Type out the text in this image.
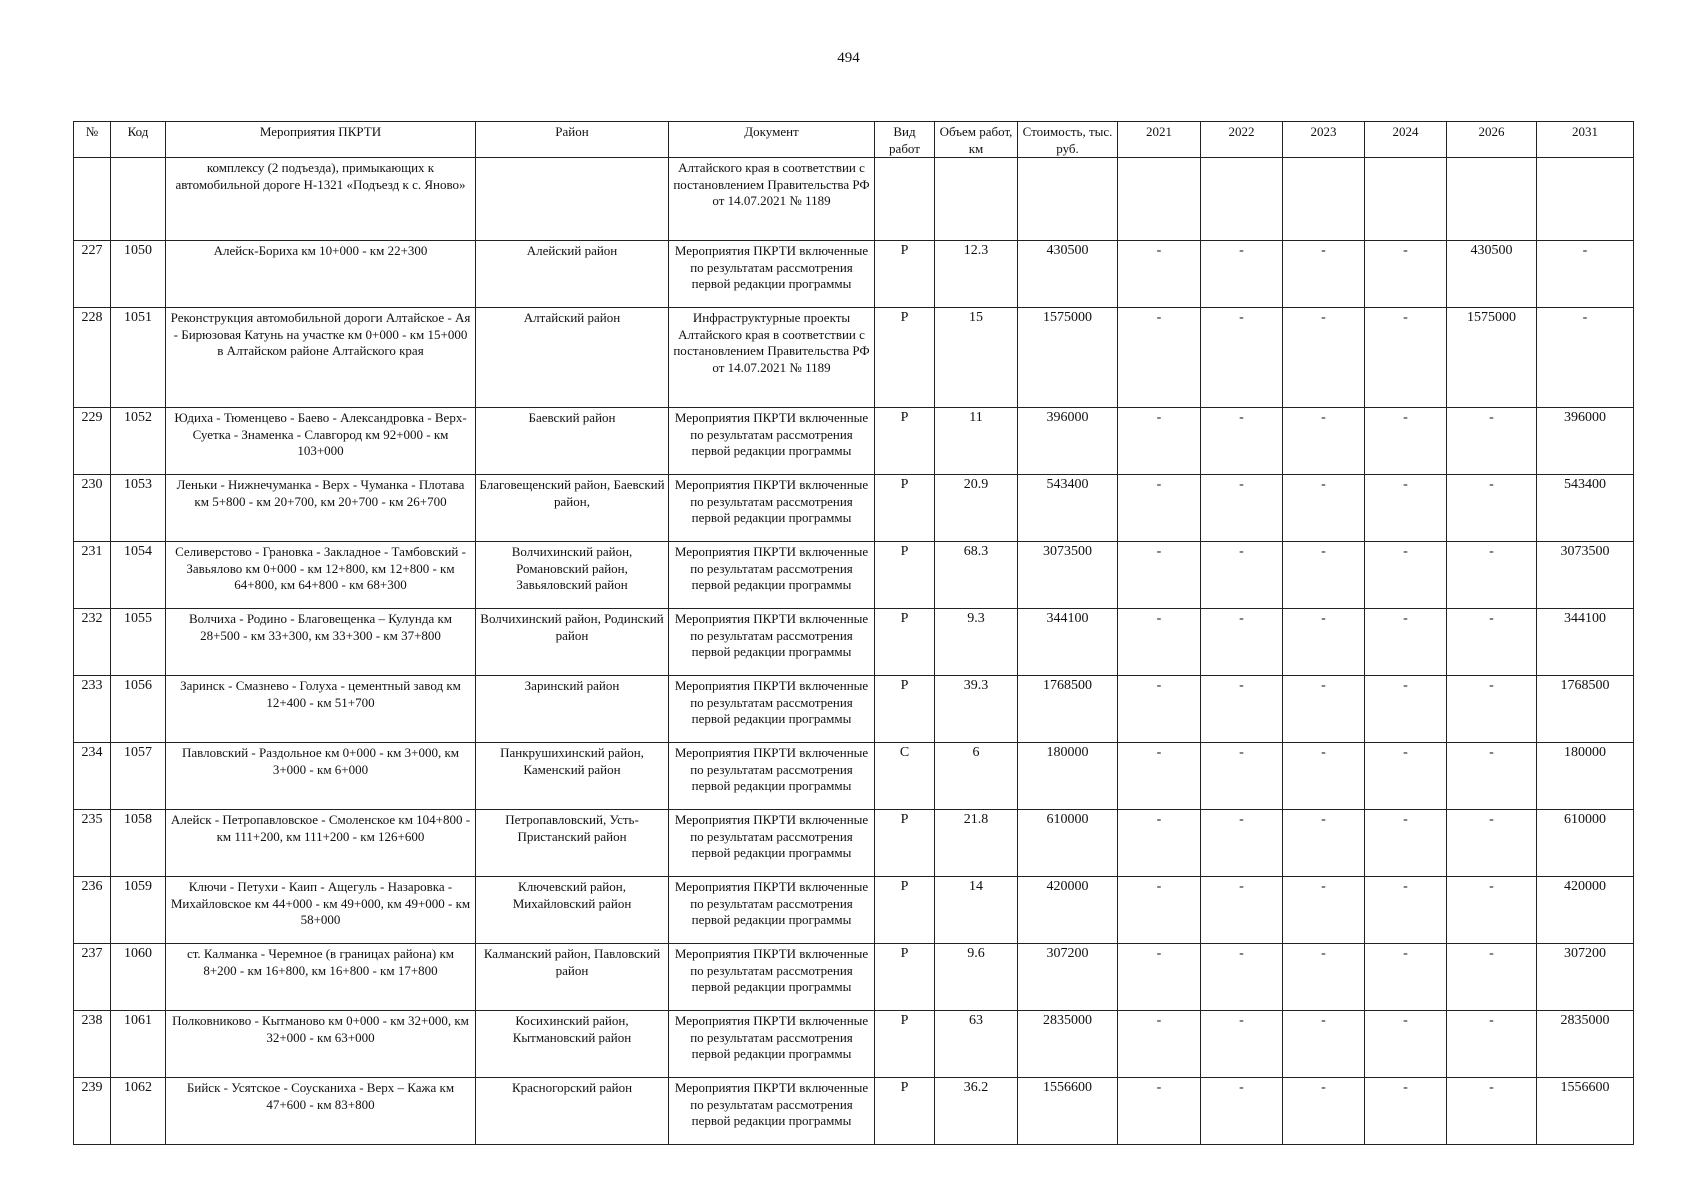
494
№	Код	Мероприятия ПКРТИ	Район	Документ	Вид работ	Объем работ, км	Стоимость, тыс. руб.	2021	2022	2023	2024	2026	2031
		комплексу (2 подъезда), примыкающих к автомобильной дороге Н-1321 «Подъезд к с. Яново»		Алтайского края в соответствии с постановлением Правительства РФ от 14.07.2021 № 1189									
227	1050	Алейск-Бориха км 10+000 - км 22+300	Алейский район	Мероприятия ПКРТИ включенные по результатам рассмотрения первой редакции программы	Р	12.3	430500	-	-	-	-	430500	-
228	1051	Реконструкция автомобильной дороги Алтайское - Ая - Бирюзовая Катунь на участке км 0+000 - км 15+000 в Алтайском районе Алтайского края	Алтайский район	Инфраструктурные проекты Алтайского края в соответствии с постановлением Правительства РФ от 14.07.2021 № 1189	Р	15	1575000	-	-	-	-	1575000	-
229	1052	Юдиха - Тюменцево - Баево - Александровка - Верх-Суетка - Знаменка - Славгород км 92+000 - км 103+000	Баевский район	Мероприятия ПКРТИ включенные по результатам рассмотрения первой редакции программы	Р	11	396000	-	-	-	-	-	396000
230	1053	Леньки - Нижнечуманка - Верх - Чуманка - Плотава км 5+800 - км 20+700, км 20+700 - км 26+700	Благовещенский район, Баевский район,	Мероприятия ПКРТИ включенные по результатам рассмотрения первой редакции программы	Р	20.9	543400	-	-	-	-	-	543400
231	1054	Селиверстово - Грановка - Закладное - Тамбовский - Завьялово км 0+000 - км 12+800, км 12+800 - км 64+800, км 64+800 - км 68+300	Волчихинский район, Романовский район, Завьяловский район	Мероприятия ПКРТИ включенные по результатам рассмотрения первой редакции программы	Р	68.3	3073500	-	-	-	-	-	3073500
232	1055	Волчиха - Родино - Благовещенка – Кулунда км 28+500 - км 33+300, км 33+300 - км 37+800	Волчихинский район, Родинский район	Мероприятия ПКРТИ включенные по результатам рассмотрения первой редакции программы	Р	9.3	344100	-	-	-	-	-	344100
233	1056	Заринск - Смазнево - Голуха - цементный завод км 12+400 - км 51+700	Заринский район	Мероприятия ПКРТИ включенные по результатам рассмотрения первой редакции программы	Р	39.3	1768500	-	-	-	-	-	1768500
234	1057	Павловский - Раздольное км 0+000 - км 3+000, км 3+000 - км 6+000	Панкрушихинский район, Каменский район	Мероприятия ПКРТИ включенные по результатам рассмотрения первой редакции программы	С	6	180000	-	-	-	-	-	180000
235	1058	Алейск - Петропавловское - Смоленское км 104+800 - км 111+200, км 111+200 - км 126+600	Петропавловский, Усть-Пристанский район	Мероприятия ПКРТИ включенные по результатам рассмотрения первой редакции программы	Р	21.8	610000	-	-	-	-	-	610000
236	1059	Ключи - Петухи - Каип - Ащегуль - Назаровка - Михайловское км 44+000 - км 49+000, км 49+000 - км 58+000	Ключевский район, Михайловский район	Мероприятия ПКРТИ включенные по результатам рассмотрения первой редакции программы	Р	14	420000	-	-	-	-	-	420000
237	1060	ст. Калманка - Черемное (в границах района) км 8+200 - км 16+800, км 16+800 - км 17+800	Калманский район, Павловский район	Мероприятия ПКРТИ включенные по результатам рассмотрения первой редакции программы	Р	9.6	307200	-	-	-	-	-	307200
238	1061	Полковниково - Кытманово км 0+000 - км 32+000, км 32+000 - км 63+000	Косихинский район, Кытмановский район	Мероприятия ПКРТИ включенные по результатам рассмотрения первой редакции программы	Р	63	2835000	-	-	-	-	-	2835000
239	1062	Бийск - Усятское - Соусканиха - Верх – Кажа км 47+600 - км 83+800	Красногорский район	Мероприятия ПКРТИ включенные по результатам рассмотрения первой редакции программы	Р	36.2	1556600	-	-	-	-	-	1556600
